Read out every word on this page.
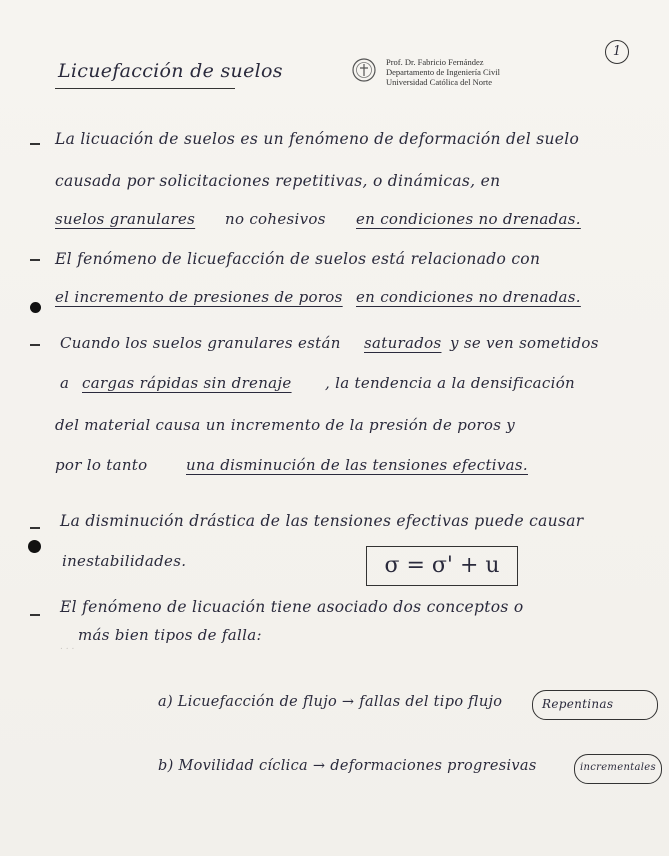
Licuefacción de suelos	Prof. Dr. Fabricio Fernández
Departamento de Ingeniería Civil
Universidad Católica del Norte
1
La licuación de suelos es un fenómeno de deformación del suelo
causada por solicitaciones repetitivas, o dinámicas, en
suelos granulares no cohesivos en condiciones no drenadas.
El fenómeno de licuefacción de suelos está relacionado con
el incremento de presiones de poros en condiciones no drenadas.
Cuando los suelos granulares están saturados y se ven sometidos
a cargas rápidas sin drenaje , la tendencia a la densificación
del material causa un incremento de la presión de poros y
por lo tanto	una disminución de las tensiones efectivas.
La disminución drástica de las tensiones efectivas puede causar
inestabilidades.	σ = σ' + u
El fenómeno de licuación tiene asociado dos conceptos o
más bien tipos de falla:
. . .
a) Licuefacción de flujo → fallas del tipo flujo	Repentinas
b) Movilidad cíclica → deformaciones progresivas	incrementales
